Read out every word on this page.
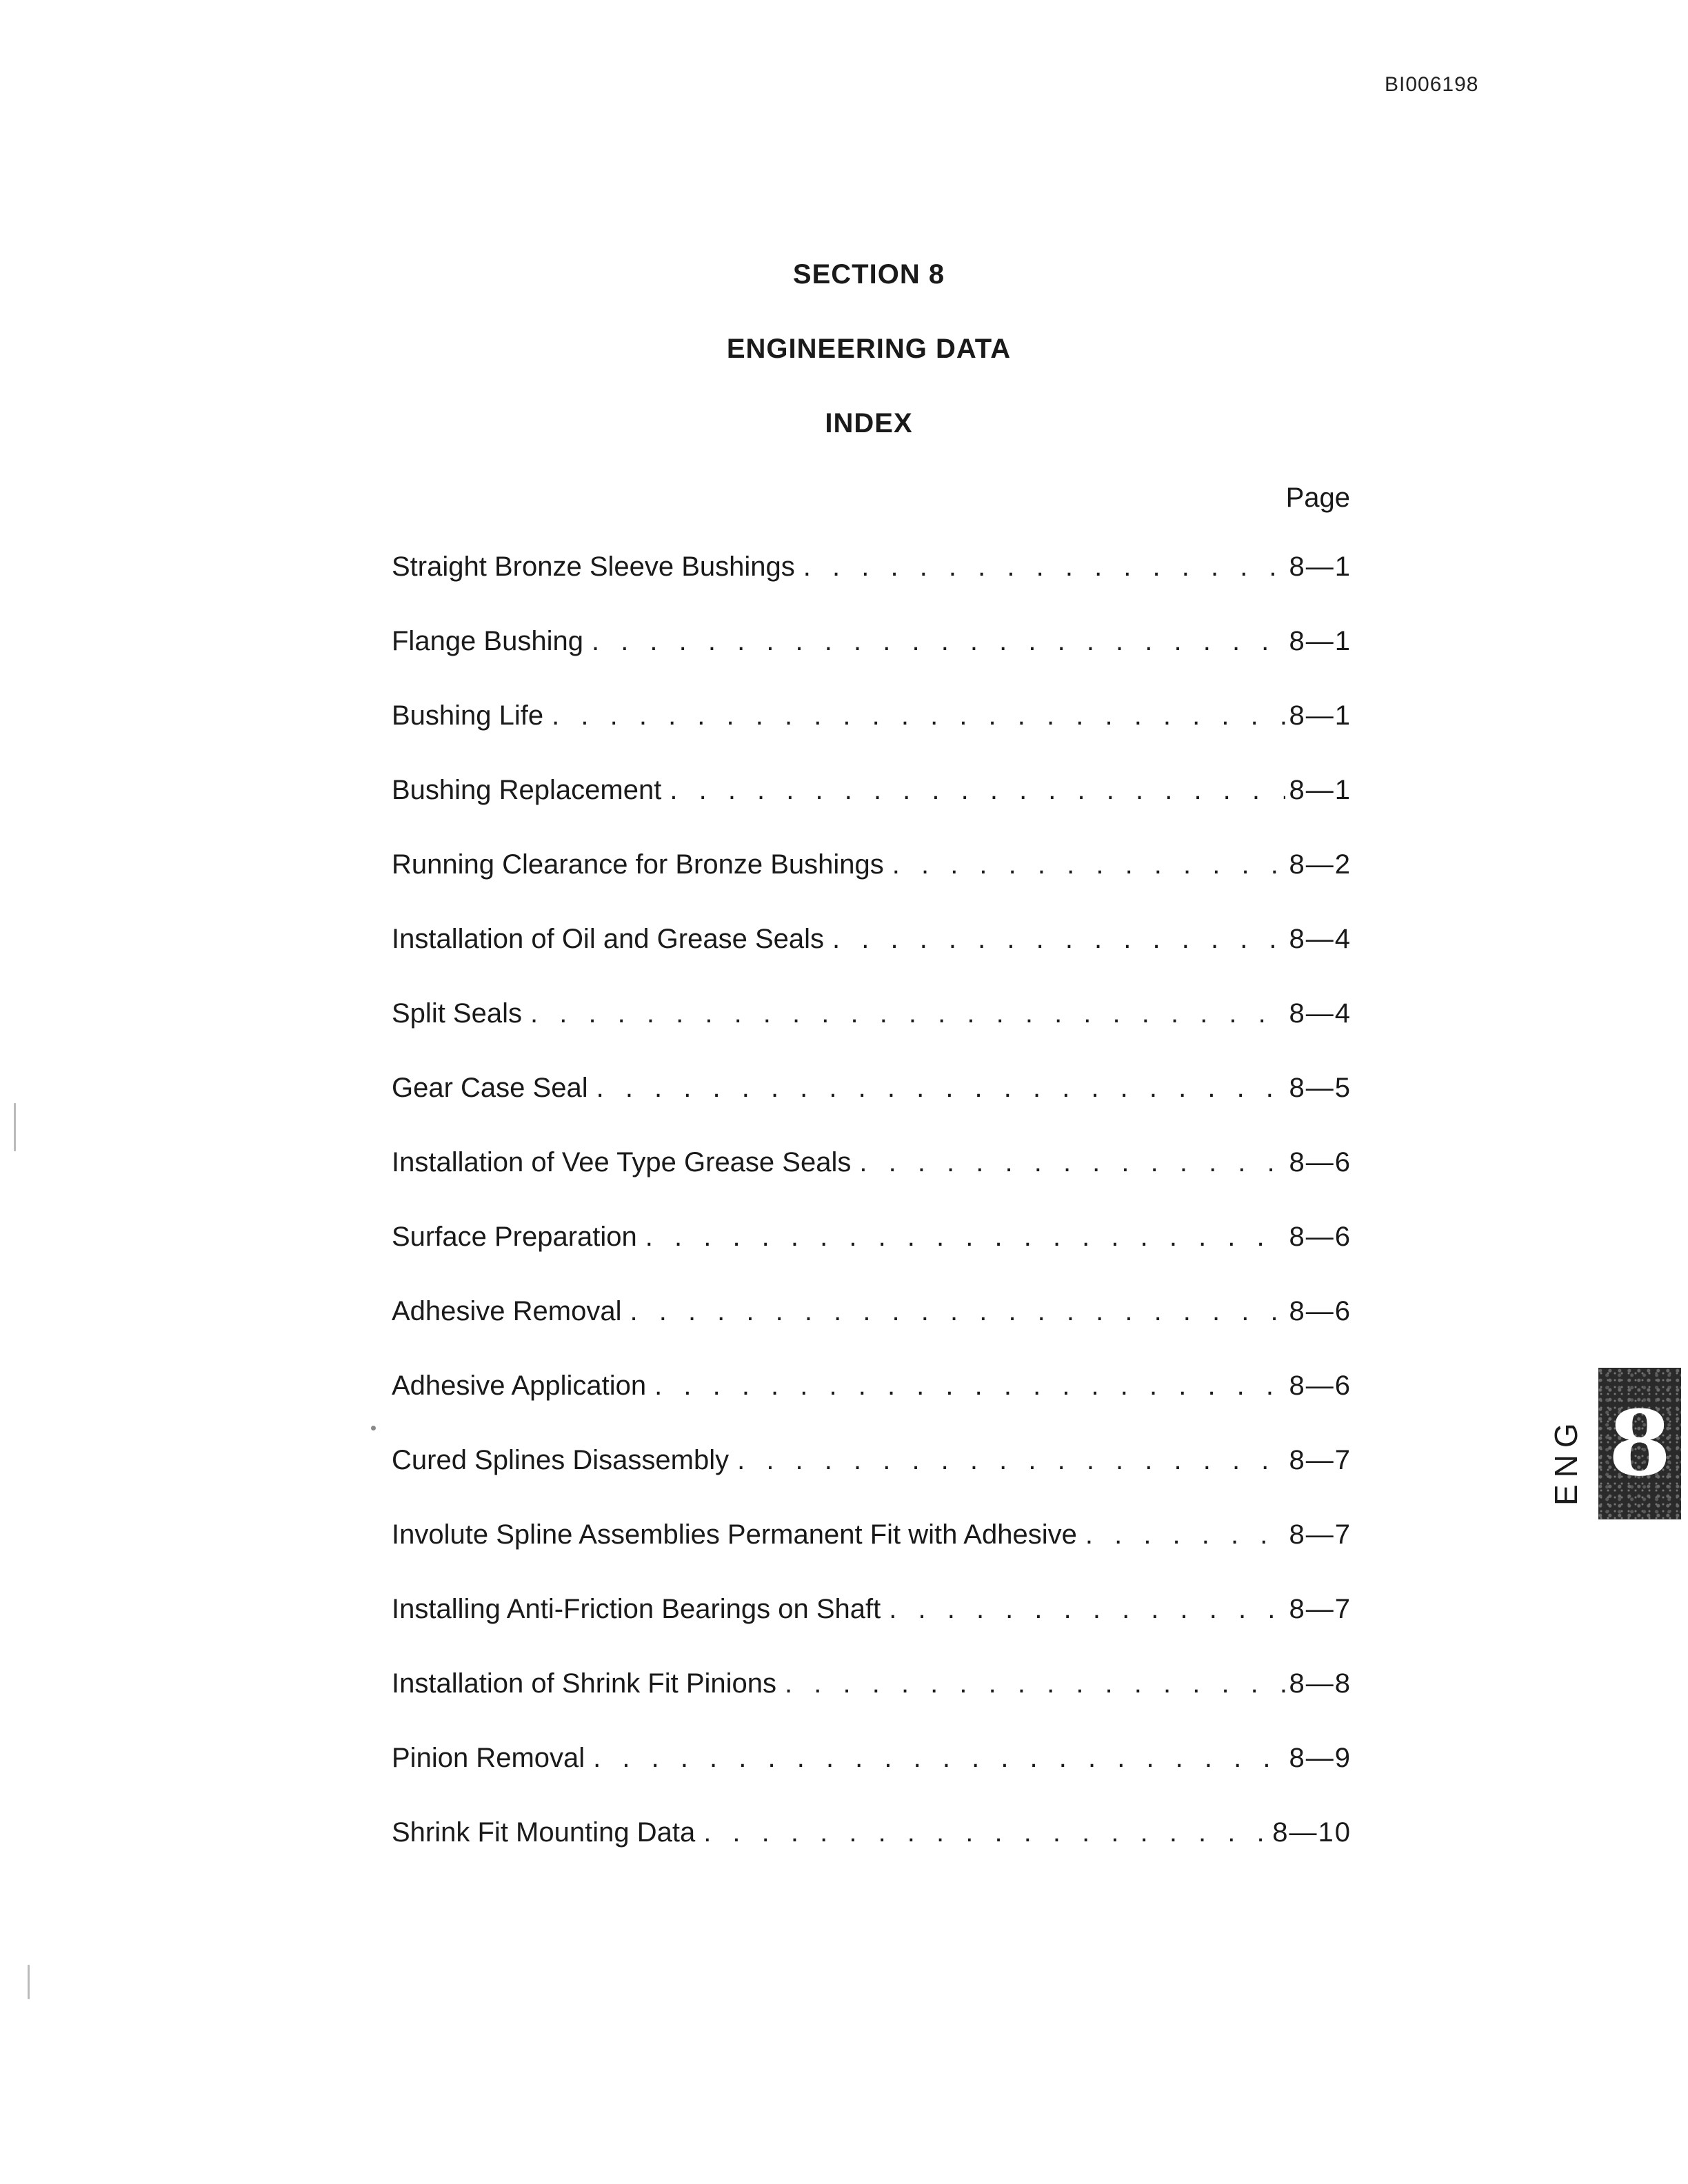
BI006198
SECTION 8
ENGINEERING DATA
INDEX
Page
Straight Bronze Sleeve Bushings . . .	8—1
Flange Bushing . . .	8—1
Bushing Life . . .	8—1
Bushing Replacement . . .	8—1
Running Clearance for Bronze Bushings . . .	8—2
Installation of Oil and Grease Seals . . .	8—4
Split Seals . . .	8—4
Gear Case Seal . . .	8—5
Installation of Vee Type Grease Seals . . .	8—6
Surface Preparation . . .	8—6
Adhesive Removal . . .	8—6
Adhesive Application . . .	8—6
Cured Splines Disassembly . . .	8—7
Involute Spline Assemblies Permanent Fit with Adhesive . . .	8—7
Installing Anti-Friction Bearings on Shaft . . .	8—7
Installation of Shrink Fit Pinions . . .	8—8
Pinion Removal . . .	8—9
Shrink Fit Mounting Data . . .	8—10
ENG 8
